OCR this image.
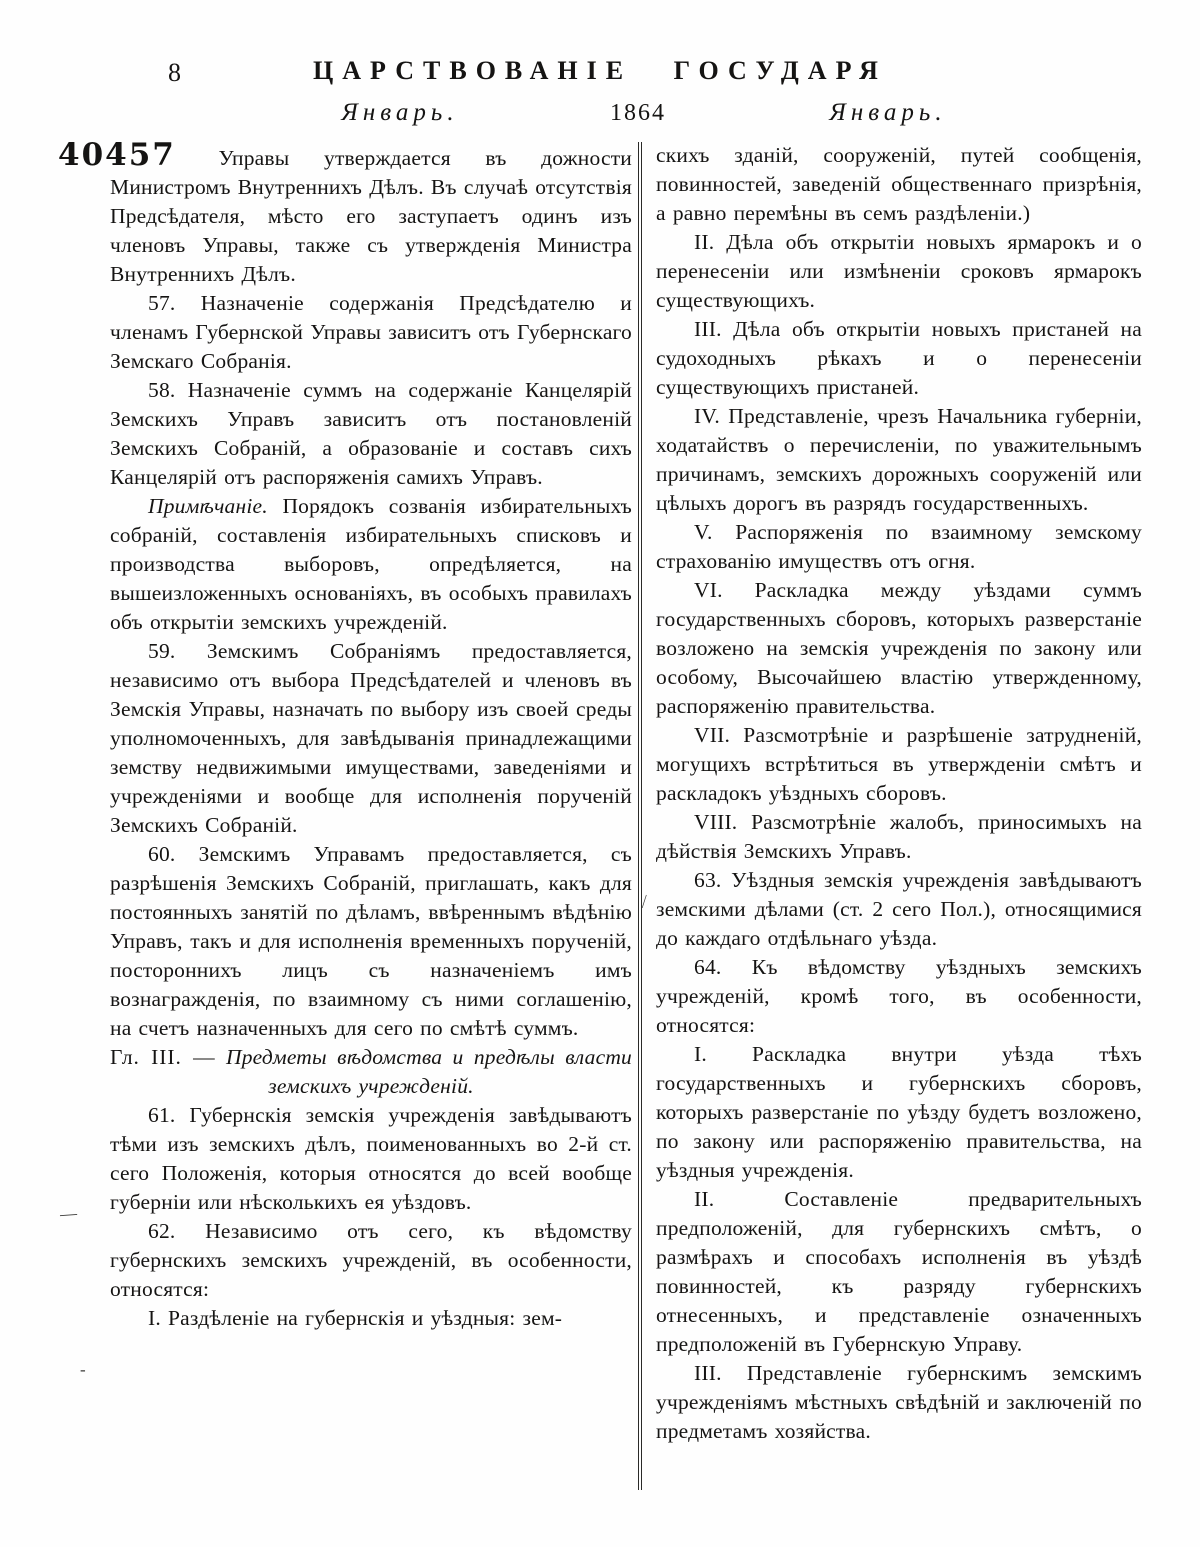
8	ЦАРСТВОВАНІЕ ГОСУДАРЯ
Январь.	1864	Январь.

40457 Управы утверждается въ дожности Министромъ Внутреннихъ Дѣлъ. Въ случаѣ отсутствія Предсѣдателя, мѣсто его заступаетъ одинъ изъ членовъ Управы, также съ утвержденія Министра Внутреннихъ Дѣлъ.

57. Назначеніе содержанія Предсѣдателю и членамъ Губернской Управы зависитъ отъ Губернскаго Земскаго Собранія.

58. Назначеніе суммъ на содержаніе Канцелярій Земскихъ Управъ зависитъ отъ постановленій Земскихъ Собраній, а образованіе и составъ сихъ Канцелярій отъ распоряженія самихъ Управъ.

Примѣчаніе. Порядокъ созванія избирательныхъ собраній, составленія избирательныхъ списковъ и производства выборовъ, опредѣляется, на вышеизложенныхъ основаніяхъ, въ особыхъ правилахъ объ открытіи земскихъ учрежденій.

59. Земскимъ Собраніямъ предоставляется, независимо отъ выбора Предсѣдателей и членовъ въ Земскія Управы, назначать по выбору изъ своей среды уполномоченныхъ, для завѣдыванія принадлежащими земству недвижимыми имуществами, заведеніями и учрежденіями и вообще для исполненія порученій Земскихъ Собраній.

60. Земскимъ Управамъ предоставляется, съ разрѣшенія Земскихъ Собраній, приглашать, какъ для постоянныхъ занятій по дѣламъ, ввѣреннымъ вѣдѣнію Управъ, такъ и для исполненія временныхъ порученій, постороннихъ лицъ съ назначеніемъ имъ вознагражденія, по взаимному съ ними соглашенію, на счетъ назначенныхъ для сего по смѣтѣ суммъ.

Гл. III. — Предметы вѣдомства и предѣлы власти земскихъ учрежденій.

61. Губернскія земскія учрежденія завѣдываютъ тѣми изъ земскихъ дѣлъ, поименованныхъ во 2-й ст. сего Положенія, которыя относятся до всей вообще губерніи или нѣсколькихъ ея уѣздовъ.

62. Независимо отъ сего, къ вѣдомству губернскихъ земскихъ учрежденій, въ особенности, относятся:

I. Раздѣленіе на губернскія и уѣздныя: зем-

скихъ зданій, сооруженій, путей сообщенія, повинностей, заведеній общественнаго призрѣнія, а равно перемѣны въ семъ раздѣленіи.)

II. Дѣла объ открытіи новыхъ ярмарокъ и о перенесеніи или измѣненіи сроковъ ярмарокъ существующихъ.

III. Дѣла объ открытіи новыхъ пристаней на судоходныхъ рѣкахъ и о перенесеніи существующихъ пристаней.

IV. Представленіе, чрезъ Начальника губерніи, ходатайствъ о перечисленіи, по уважительнымъ причинамъ, земскихъ дорожныхъ сооруженій или цѣлыхъ дорогъ въ разрядъ государственныхъ.

V. Распоряженія по взаимному земскому страхованію имуществъ отъ огня.

VI. Раскладка между уѣздами суммъ государственныхъ сборовъ, которыхъ разверстаніе возложено на земскія учрежденія по закону или особому, Высочайшею властію утвержденному, распоряженію правительства.

VII. Разсмотрѣніе и разрѣшеніе затрудненій, могущихъ встрѣтиться въ утвержденіи смѣтъ и раскладокъ уѣздныхъ сборовъ.

VIII. Разсмотрѣніе жалобъ, приносимыхъ на дѣйствія Земскихъ Управъ.

63. Уѣздныя земскія учрежденія завѣдываютъ земскими дѣлами (ст. 2 сего Пол.), относящимися до каждаго отдѣльнаго уѣзда.

64. Къ вѣдомству уѣздныхъ земскихъ учрежденій, кромѣ того, въ особенности, относятся:

I. Раскладка внутри уѣзда тѣхъ государственныхъ и губернскихъ сборовъ, которыхъ разверстаніе по уѣзду будетъ возложено, по закону или распоряженію правительства, на уѣздныя учрежденія.

II. Составленіе предварительныхъ предположеній, для губернскихъ смѣтъ, о размѣрахъ и способахъ исполненія въ уѣздѣ повинностей, къ разряду губернскихъ отнесенныхъ, и представленіе означенныхъ предположеній въ Губернскую Управу.

III. Представленіе губернскимъ земскимъ учрежденіямъ мѣстныхъ свѣдѣній и заключеній по предметамъ хозяйства.

—
-
⁄
